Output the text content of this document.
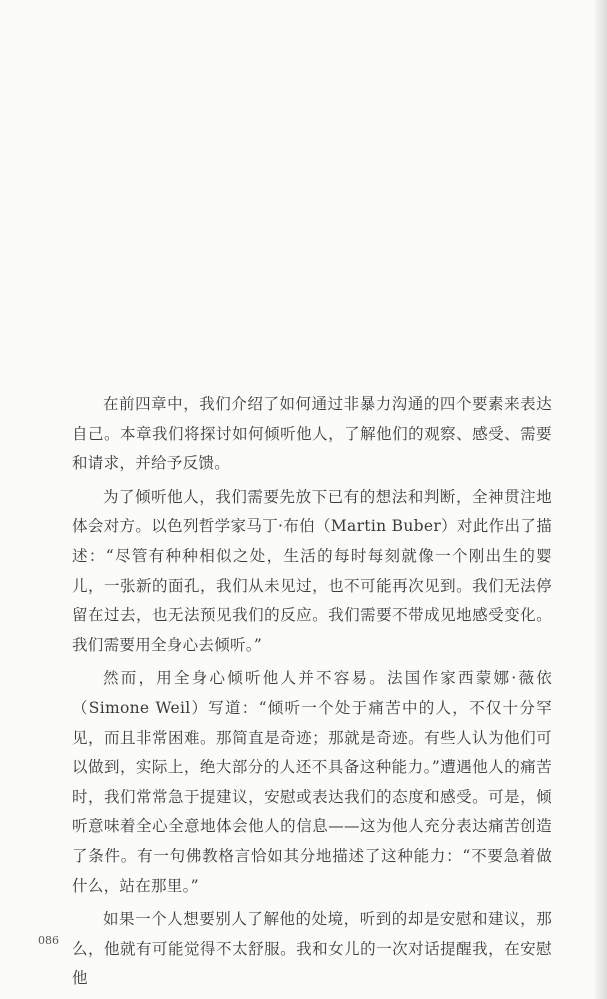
在前四章中，我们介绍了如何通过非暴力沟通的四个要素来表达自己。本章我们将探讨如何倾听他人，了解他们的观察、感受、需要和请求，并给予反馈。

为了倾听他人，我们需要先放下已有的想法和判断，全神贯注地体会对方。以色列哲学家马丁·布伯（Martin Buber）对此作出了描述：“尽管有种种相似之处，生活的每时每刻就像一个刚出生的婴儿，一张新的面孔，我们从未见过，也不可能再次见到。我们无法停留在过去，也无法预见我们的反应。我们需要不带成见地感受变化。我们需要用全身心去倾听。”

然而，用全身心倾听他人并不容易。法国作家西蒙娜·薇依（Simone Weil）写道：“倾听一个处于痛苦中的人，不仅十分罕见，而且非常困难。那简直是奇迹；那就是奇迹。有些人认为他们可以做到，实际上，绝大部分的人还不具备这种能力。”遭遇他人的痛苦时，我们常常急于提建议，安慰或表达我们的态度和感受。可是，倾听意味着全心全意地体会他人的信息——这为他人充分表达痛苦创造了条件。有一句佛教格言恰如其分地描述了这种能力：“不要急着做什么，站在那里。”

如果一个人想要别人了解他的处境，听到的却是安慰和建议，那么，他就有可能觉得不太舒服。我和女儿的一次对话提醒我，在安慰他

086
